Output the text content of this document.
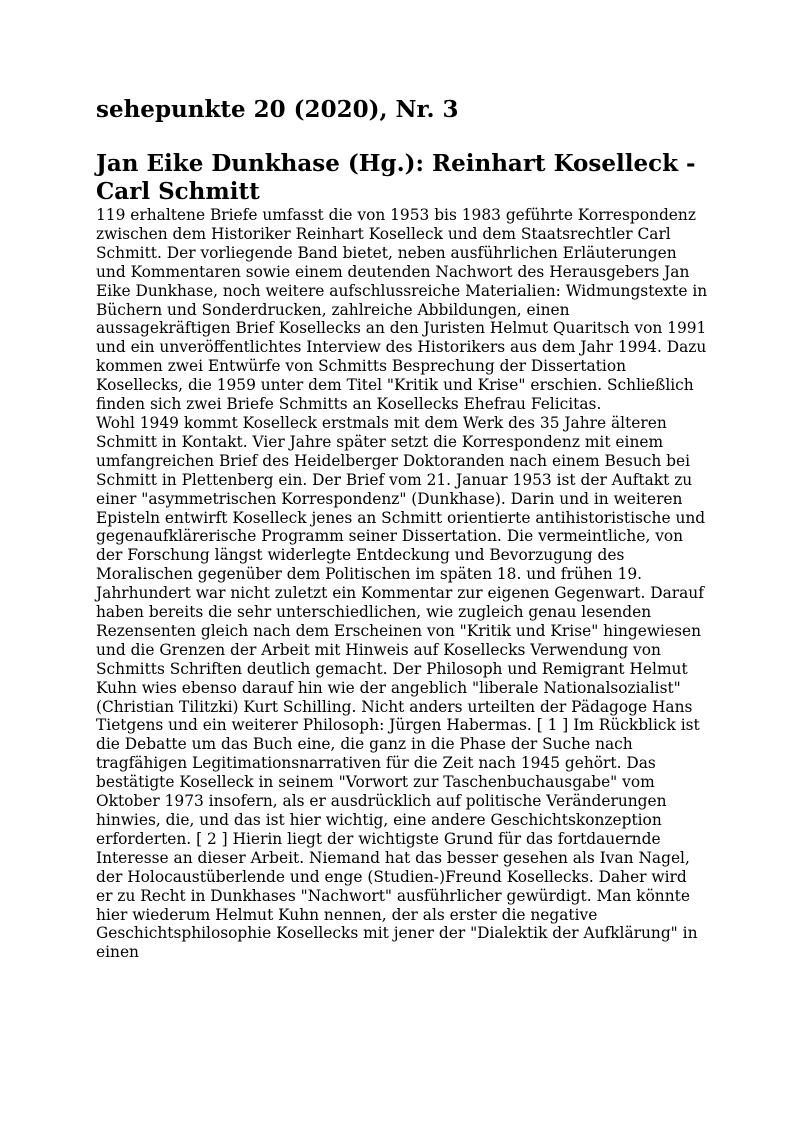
sehepunkte 20 (2020), Nr. 3
Jan Eike Dunkhase (Hg.): Reinhart Koselleck - Carl Schmitt

119 erhaltene Briefe umfasst die von 1953 bis 1983 geführte Korrespondenz zwischen dem Historiker Reinhart Koselleck und dem Staatsrechtler Carl Schmitt. Der vorliegende Band bietet, neben ausführlichen Erläuterungen und Kommentaren sowie einem deutenden Nachwort des Herausgebers Jan Eike Dunkhase, noch weitere aufschlussreiche Materialien: Widmungstexte in Büchern und Sonderdrucken, zahlreiche Abbildungen, einen aussagekräftigen Brief Kosellecks an den Juristen Helmut Quaritsch von 1991 und ein unveröffentlichtes Interview des Historikers aus dem Jahr 1994. Dazu kommen zwei Entwürfe von Schmitts Besprechung der Dissertation Kosellecks, die 1959 unter dem Titel "Kritik und Krise" erschien. Schließlich finden sich zwei Briefe Schmitts an Kosellecks Ehefrau Felicitas.

Wohl 1949 kommt Koselleck erstmals mit dem Werk des 35 Jahre älteren Schmitt in Kontakt. Vier Jahre später setzt die Korrespondenz mit einem umfangreichen Brief des Heidelberger Doktoranden nach einem Besuch bei Schmitt in Plettenberg ein. Der Brief vom 21. Januar 1953 ist der Auftakt zu einer "asymmetrischen Korrespondenz" (Dunkhase). Darin und in weiteren Episteln entwirft Koselleck jenes an Schmitt orientierte antihistoristische und gegenaufklärerische Programm seiner Dissertation. Die vermeintliche, von der Forschung längst widerlegte Entdeckung und Bevorzugung des Moralischen gegenüber dem Politischen im späten 18. und frühen 19. Jahrhundert war nicht zuletzt ein Kommentar zur eigenen Gegenwart. Darauf haben bereits die sehr unterschiedlichen, wie zugleich genau lesenden Rezensenten gleich nach dem Erscheinen von "Kritik und Krise" hingewiesen und die Grenzen der Arbeit mit Hinweis auf Kosellecks Verwendung von Schmitts Schriften deutlich gemacht. Der Philosoph und Remigrant Helmut Kuhn wies ebenso darauf hin wie der angeblich "liberale Nationalsozialist" (Christian Tilitzki) Kurt Schilling. Nicht anders urteilten der Pädagoge Hans Tietgens und ein weiterer Philosoph: Jürgen Habermas. [ 1 ] Im Rückblick ist die Debatte um das Buch eine, die ganz in die Phase der Suche nach tragfähigen Legitimationsnarrativen für die Zeit nach 1945 gehört. Das bestätigte Koselleck in seinem "Vorwort zur Taschenbuchausgabe" vom Oktober 1973 insofern, als er ausdrücklich auf politische Veränderungen hinwies, die, und das ist hier wichtig, eine andere Geschichtskonzeption erforderten. [ 2 ] Hierin liegt der wichtigste Grund für das fortdauernde Interesse an dieser Arbeit. Niemand hat das besser gesehen als Ivan Nagel, der Holocaustüberlende und enge (Studien-)Freund Kosellecks. Daher wird er zu Recht in Dunkhases "Nachwort" ausführlicher gewürdigt. Man könnte hier wiederum Helmut Kuhn nennen, der als erster die negative Geschichtsphilosophie Kosellecks mit jener der "Dialektik der Aufklärung" in einen
